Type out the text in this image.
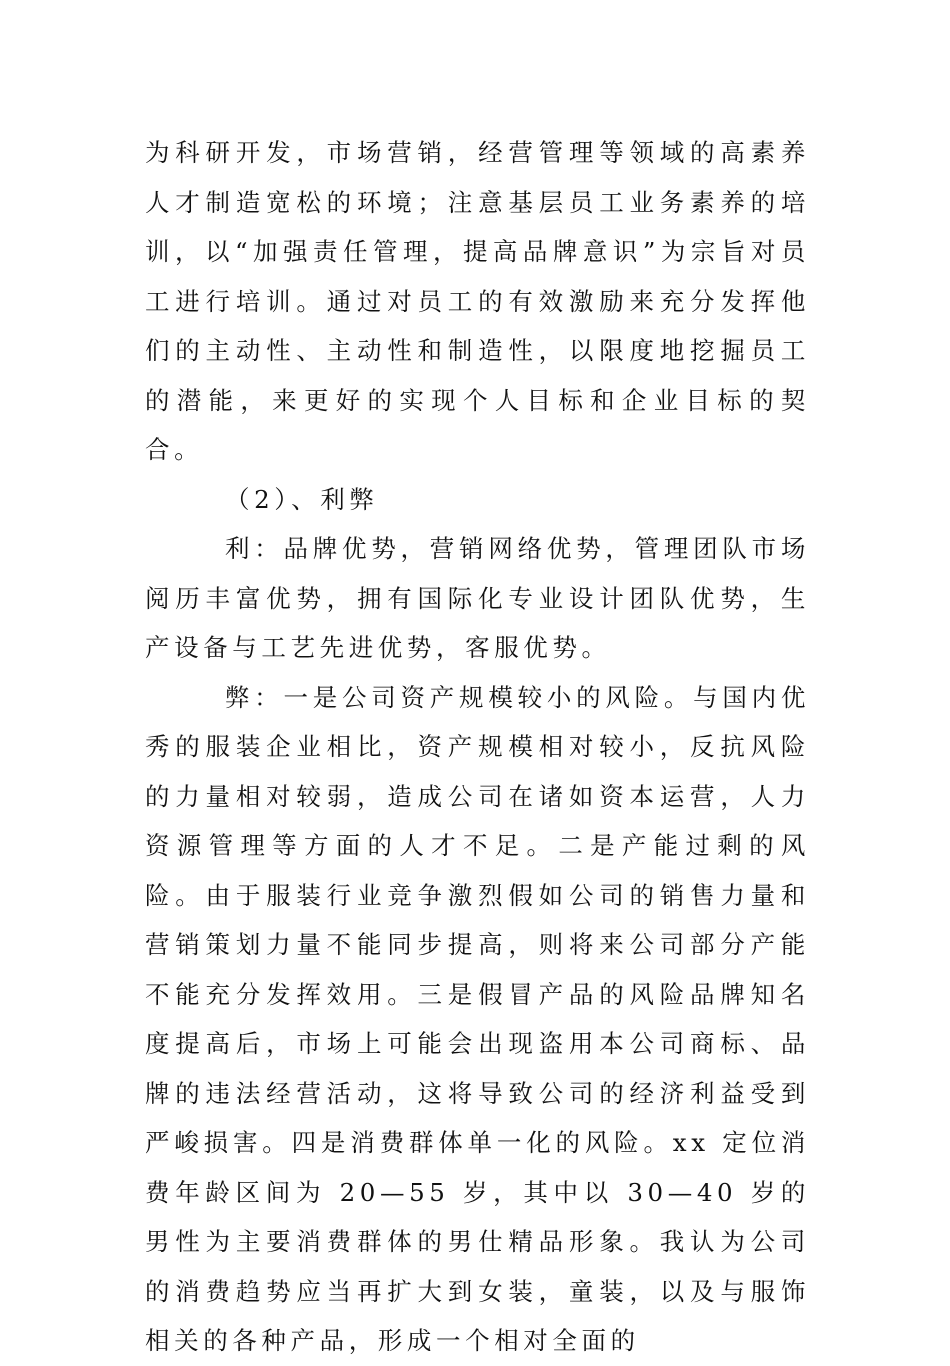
为科研开发，市场营销，经营管理等领域的高素养人才制造宽松的环境；注意基层员工业务素养的培训，以“加强责任管理，提高品牌意识”为宗旨对员工进行培训。通过对员工的有效激励来充分发挥他们的主动性、主动性和制造性，以限度地挖掘员工的潜能，来更好的实现个人目标和企业目标的契合。

（2）、利弊

利：品牌优势，营销网络优势，管理团队市场阅历丰富优势，拥有国际化专业设计团队优势，生产设备与工艺先进优势，客服优势。

弊：一是公司资产规模较小的风险。与国内优秀的服装企业相比，资产规模相对较小，反抗风险的力量相对较弱，造成公司在诸如资本运营，人力资源管理等方面的人才不足。二是产能过剩的风险。由于服装行业竞争激烈假如公司的销售力量和营销策划力量不能同步提高，则将来公司部分产能不能充分发挥效用。三是假冒产品的风险品牌知名度提高后，市场上可能会出现盗用本公司商标、品牌的违法经营活动，这将导致公司的经济利益受到严峻损害。四是消费群体单一化的风险。xx 定位消费年龄区间为 20—55 岁，其中以 30—40 岁的男性为主要消费群体的男仕精品形象。我认为公司的消费趋势应当再扩大到女装，童装，以及与服饰相关的各种产品，形成一个相对全面的
